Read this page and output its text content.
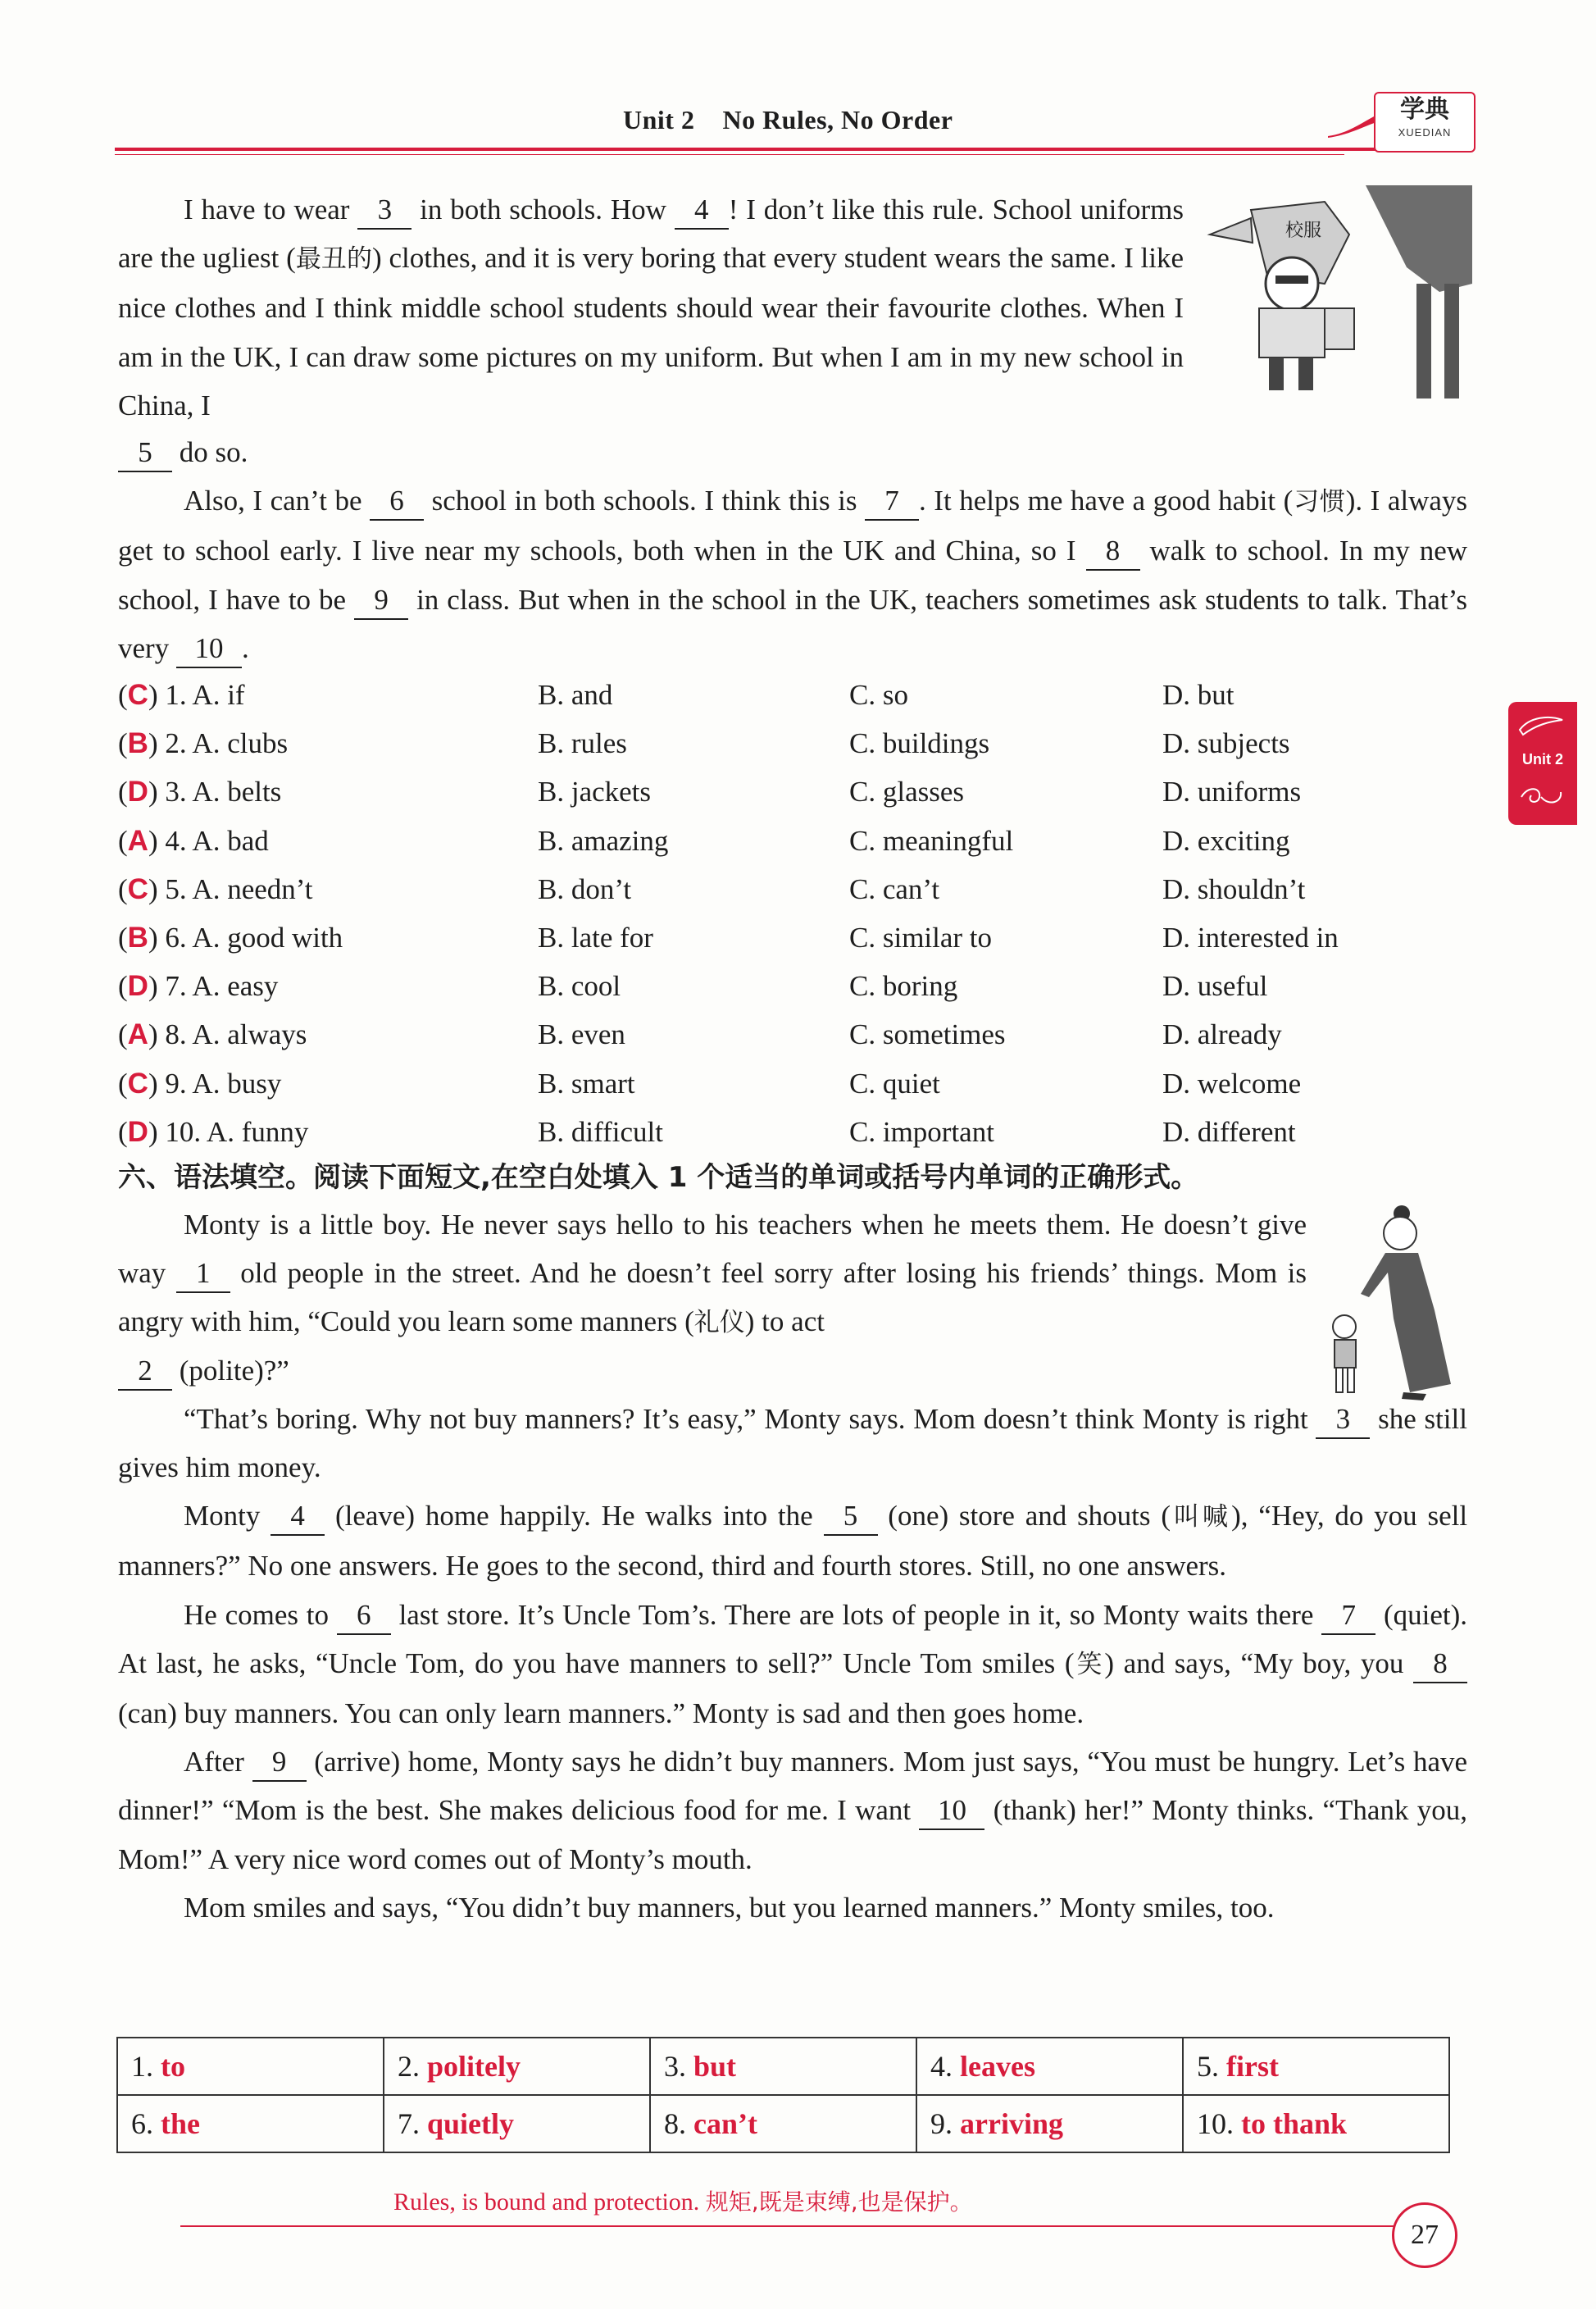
Unit 2    No Rules, No Order	学典
XUEDIAN
Unit 2
校服

I have to wear 3 in both schools. How 4 ! I don’t like this rule. School uniforms are the ugliest (最丑的) clothes, and it is very boring that every student wears the same. I like nice clothes and I think middle school students should wear their favourite clothes. When I am in the UK, I can draw some pictures on my uniform. But when I am in my new school in China, I

5 do so.

Also, I can’t be 6 school in both schools. I think this is 7 . It helps me have a good habit (习惯). I always get to school early. I live near my schools, both when in the UK and China, so I 8 walk to school. In my new school, I have to be 9 in class. But when in the school in the UK, teachers sometimes ask students to talk. That’s very 10 .

(C) 1. A. if	B. and	C. so	D. but
(B) 2. A. clubs	B. rules	C. buildings	D. subjects
(D) 3. A. belts	B. jackets	C. glasses	D. uniforms
(A) 4. A. bad	B. amazing	C. meaningful	D. exciting
(C) 5. A. needn’t	B. don’t	C. can’t	D. shouldn’t
(B) 6. A. good with	B. late for	C. similar to	D. interested in
(D) 7. A. easy	B. cool	C. boring	D. useful
(A) 8. A. always	B. even	C. sometimes	D. already
(C) 9. A. busy	B. smart	C. quiet	D. welcome
(D) 10. A. funny	B. difficult	C. important	D. different
六、语法填空。阅读下面短文,在空白处填入 1 个适当的单词或括号内单词的正确形式。

Monty is a little boy. He never says hello to his teachers when he meets them. He doesn’t give way 1 old people in the street. And he doesn’t feel sorry after losing his friends’ things. Mom is angry with him, “Could you learn some manners (礼仪) to act

2 (polite)?”

“That’s boring. Why not buy manners? It’s easy,” Monty says. Mom doesn’t think Monty is right 3 she still gives him money.

Monty 4 (leave) home happily. He walks into the 5 (one) store and shouts (叫喊), “Hey, do you sell manners?” No one answers. He goes to the second, third and fourth stores. Still, no one answers.

He comes to 6 last store. It’s Uncle Tom’s. There are lots of people in it, so Monty waits there 7 (quiet). At last, he asks, “Uncle Tom, do you have manners to sell?” Uncle Tom smiles (笑) and says, “My boy, you 8 (can) buy manners. You can only learn manners.” Monty is sad and then goes home.

After 9 (arrive) home, Monty says he didn’t buy manners. Mom just says, “You must be hungry. Let’s have dinner!” “Mom is the best. She makes delicious food for me. I want 10 (thank) her!” Monty thinks. “Thank you, Mom!” A very nice word comes out of Monty’s mouth.

Mom smiles and says, “You didn’t buy manners, but you learned manners.” Monty smiles, too.

1. to	2. politely	3. but	4. leaves	5. first
6. the	7. quietly	8. can’t	9. arriving	10. to thank
Rules, is bound and protection. 规矩,既是束缚,也是保护。
27
